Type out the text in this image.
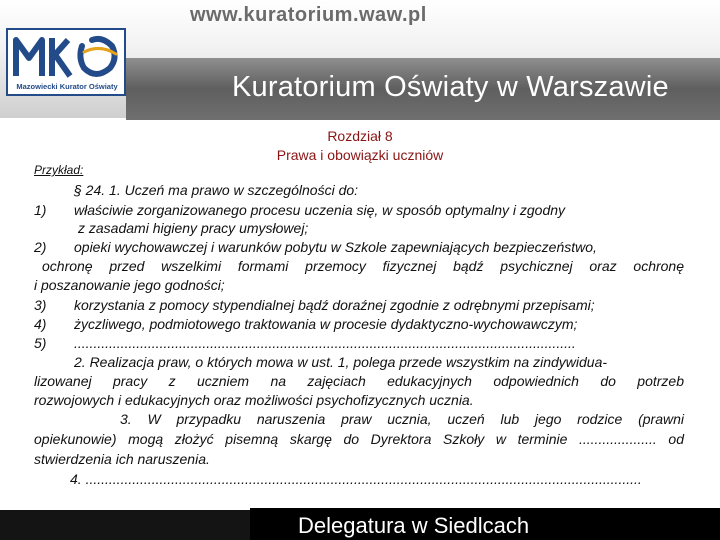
www.kuratorium.waw.pl
Mazowiecki Kurator Oświaty	Kuratorium Oświaty w Warszawie
Rozdział 8
Prawa i obowiązki uczniów
Przykład:
§ 24. 1. Uczeń ma prawo w szczególności do:
1) właściwie zorganizowanego procesu uczenia się, w sposób optymalny i zgodny
z zasadami higieny pracy umysłowej;
2) opieki wychowawczej i warunków pobytu w Szkole zapewniających bezpieczeństwo,
ochronę przed wszelkimi formami przemocy fizycznej bądź psychicznej oraz ochronę
i poszanowanie jego godności;
3) korzystania z pomocy stypendialnej bądź doraźnej zgodnie z odrębnymi przepisami;
4) życzliwego, podmiotowego traktowania w procesie dydaktyczno-wychowawczym;
5) .................................................................................................................................
2. Realizacja praw, o których mowa w ust. 1, polega przede wszystkim na zindywidua-
lizowanej pracy z uczniem na zajęciach edukacyjnych odpowiednich do potrzeb
rozwojowych i edukacyjnych oraz możliwości psychofizycznych ucznia.
3. W przypadku naruszenia praw ucznia, uczeń lub jego rodzice (prawni
opiekunowie) mogą złożyć pisemną skargę do Dyrektora Szkoły w terminie .................... od
stwierdzenia ich naruszenia.
4. ...............................................................................................................................................
Delegatura w Siedlcach
